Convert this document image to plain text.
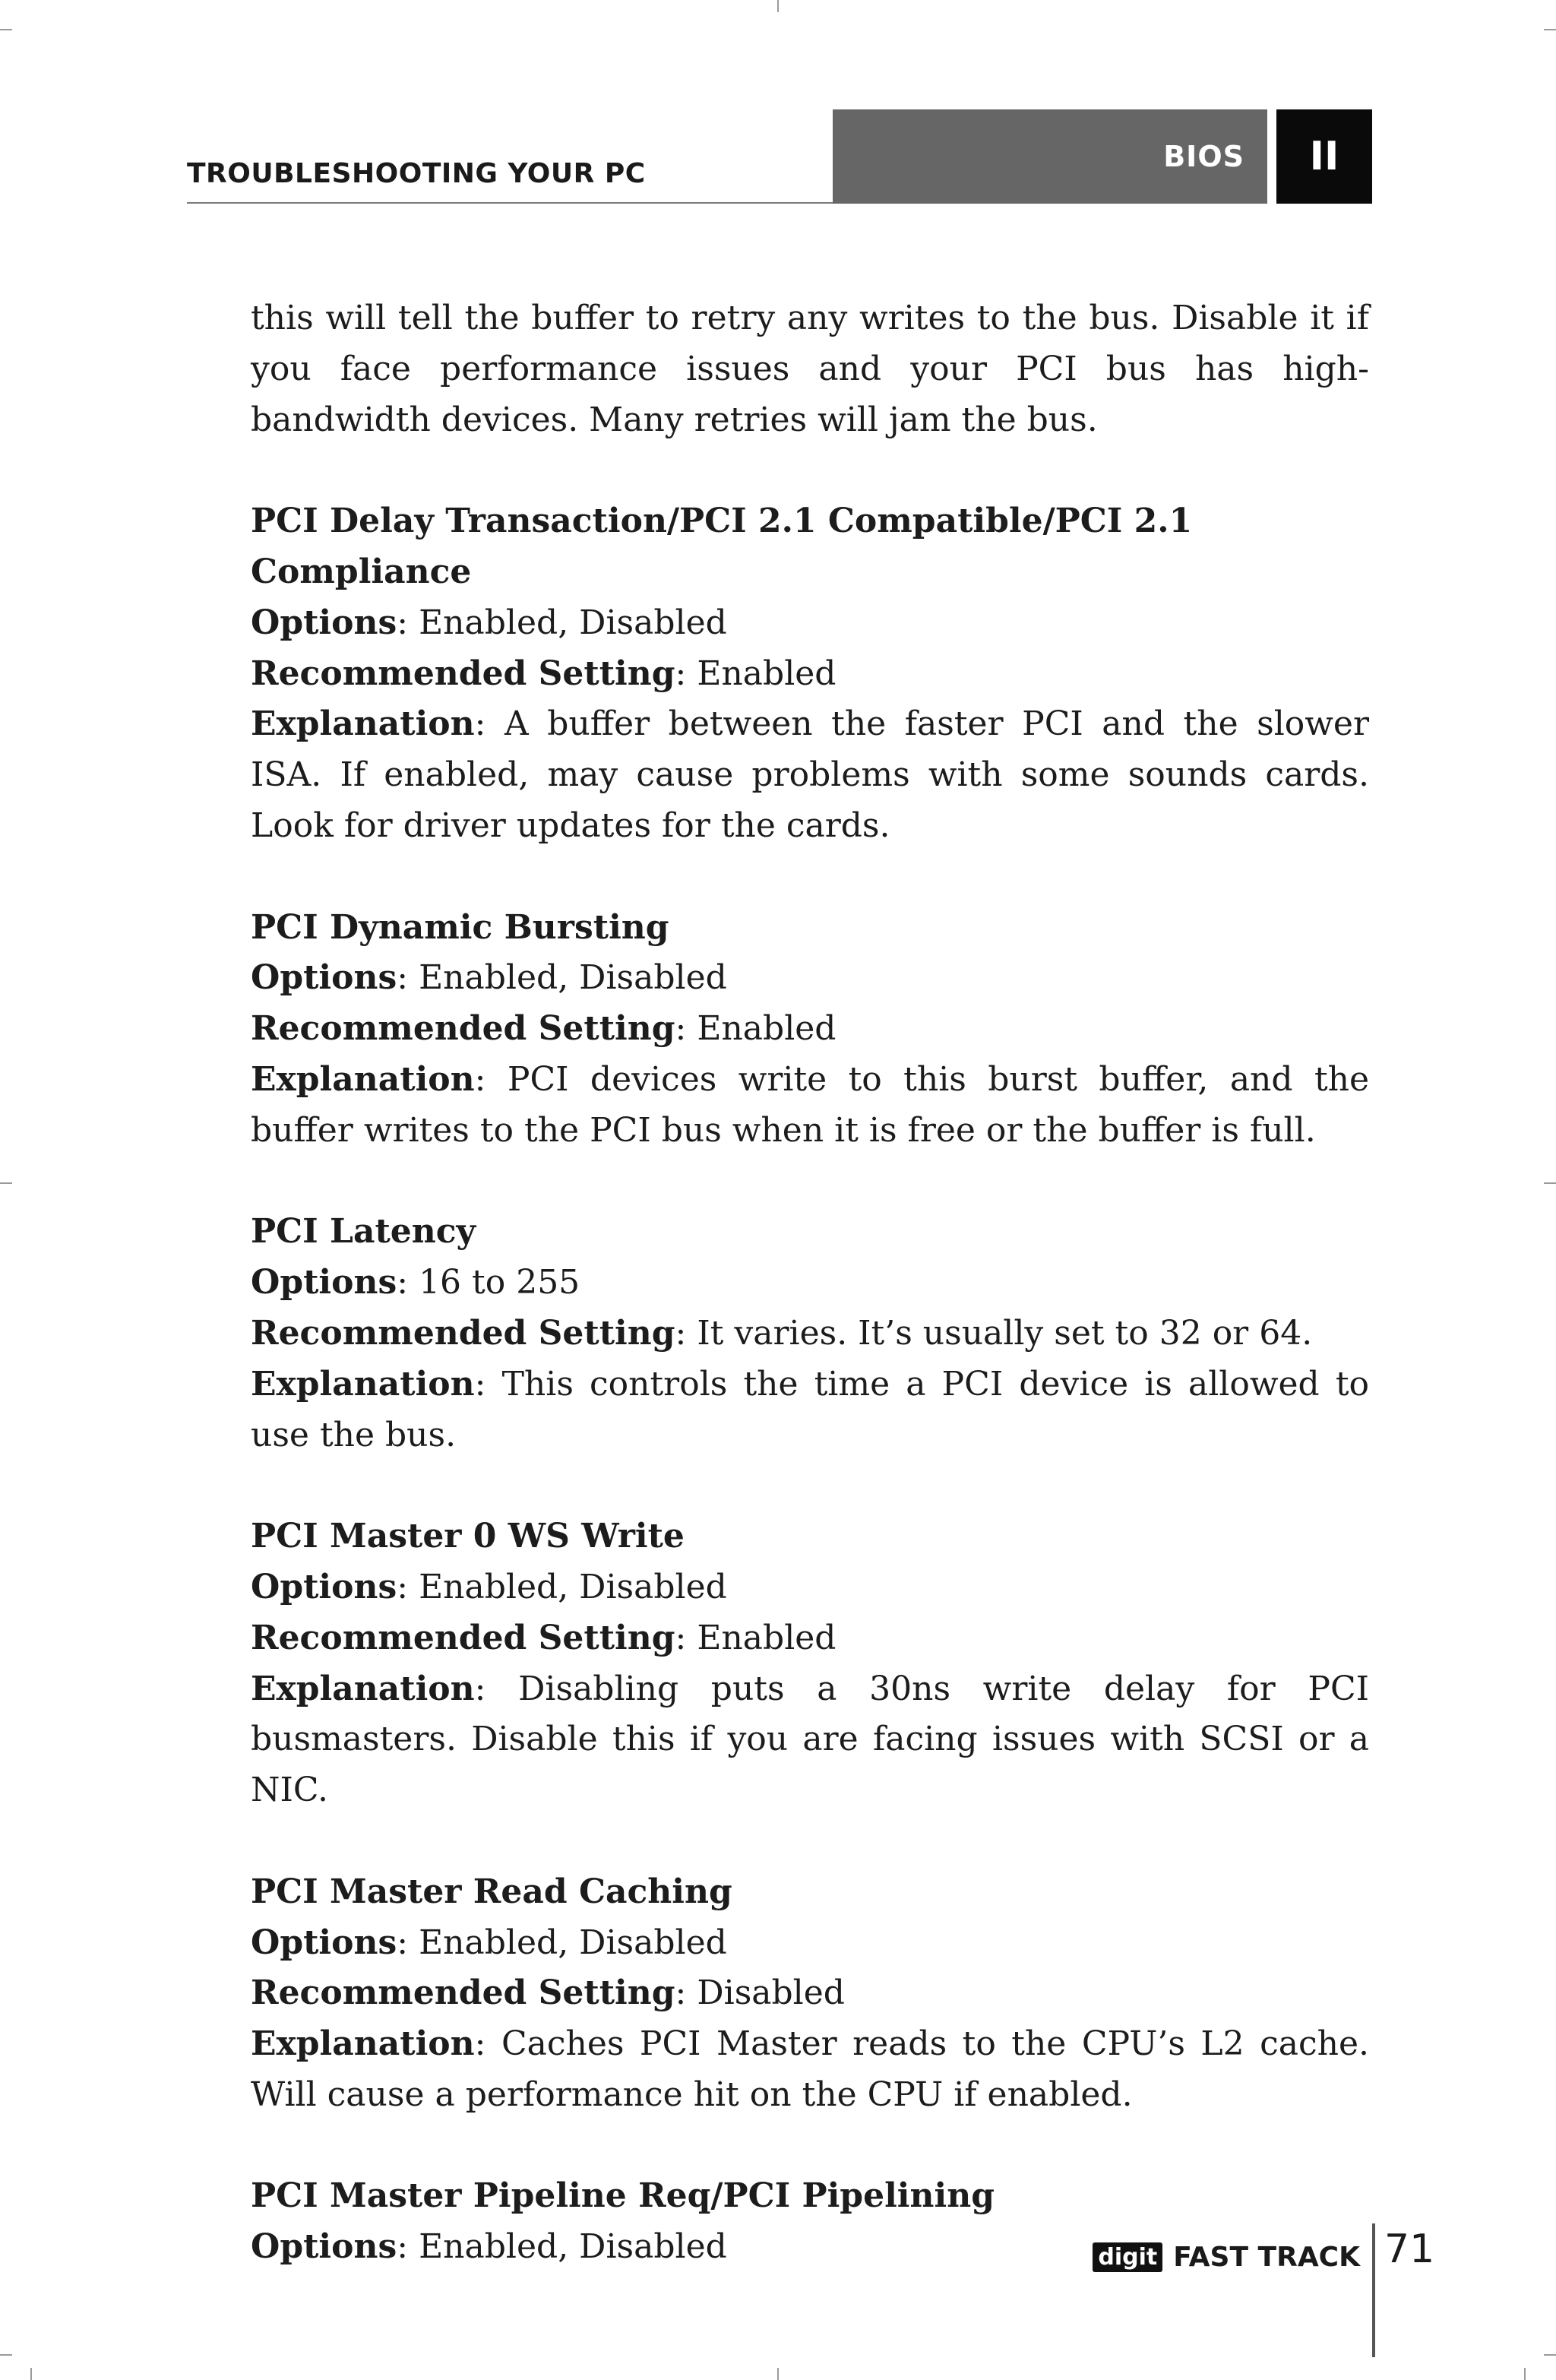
TROUBLESHOOTING YOUR PC
BIOS II

this will tell the buffer to retry any writes to the bus. Disable it if you face performance issues and your PCI bus has high-bandwidth devices. Many retries will jam the bus.

PCI Delay Transaction/PCI 2.1 Compatible/PCI 2.1 Compliance

Options: Enabled, Disabled

Recommended Setting: Enabled

Explanation: A buffer between the faster PCI and the slower ISA. If enabled, may cause problems with some sounds cards. Look for driver updates for the cards.

PCI Dynamic Bursting

Options: Enabled, Disabled

Recommended Setting: Enabled

Explanation: PCI devices write to this burst buffer, and the buffer writes to the PCI bus when it is free or the buffer is full.

PCI Latency

Options: 16 to 255

Recommended Setting: It varies. It’s usually set to 32 or 64.

Explanation: This controls the time a PCI device is allowed to use the bus.

PCI Master 0 WS Write

Options: Enabled, Disabled

Recommended Setting: Enabled

Explanation: Disabling puts a 30ns write delay for PCI busmasters. Disable this if you are facing issues with SCSI or a NIC.

PCI Master Read Caching

Options: Enabled, Disabled

Recommended Setting: Disabled

Explanation: Caches PCI Master reads to the CPU’s L2 cache. Will cause a performance hit on the CPU if enabled.

PCI Master Pipeline Req/PCI Pipelining

Options: Enabled, Disabled	digit FAST TRACK 71
